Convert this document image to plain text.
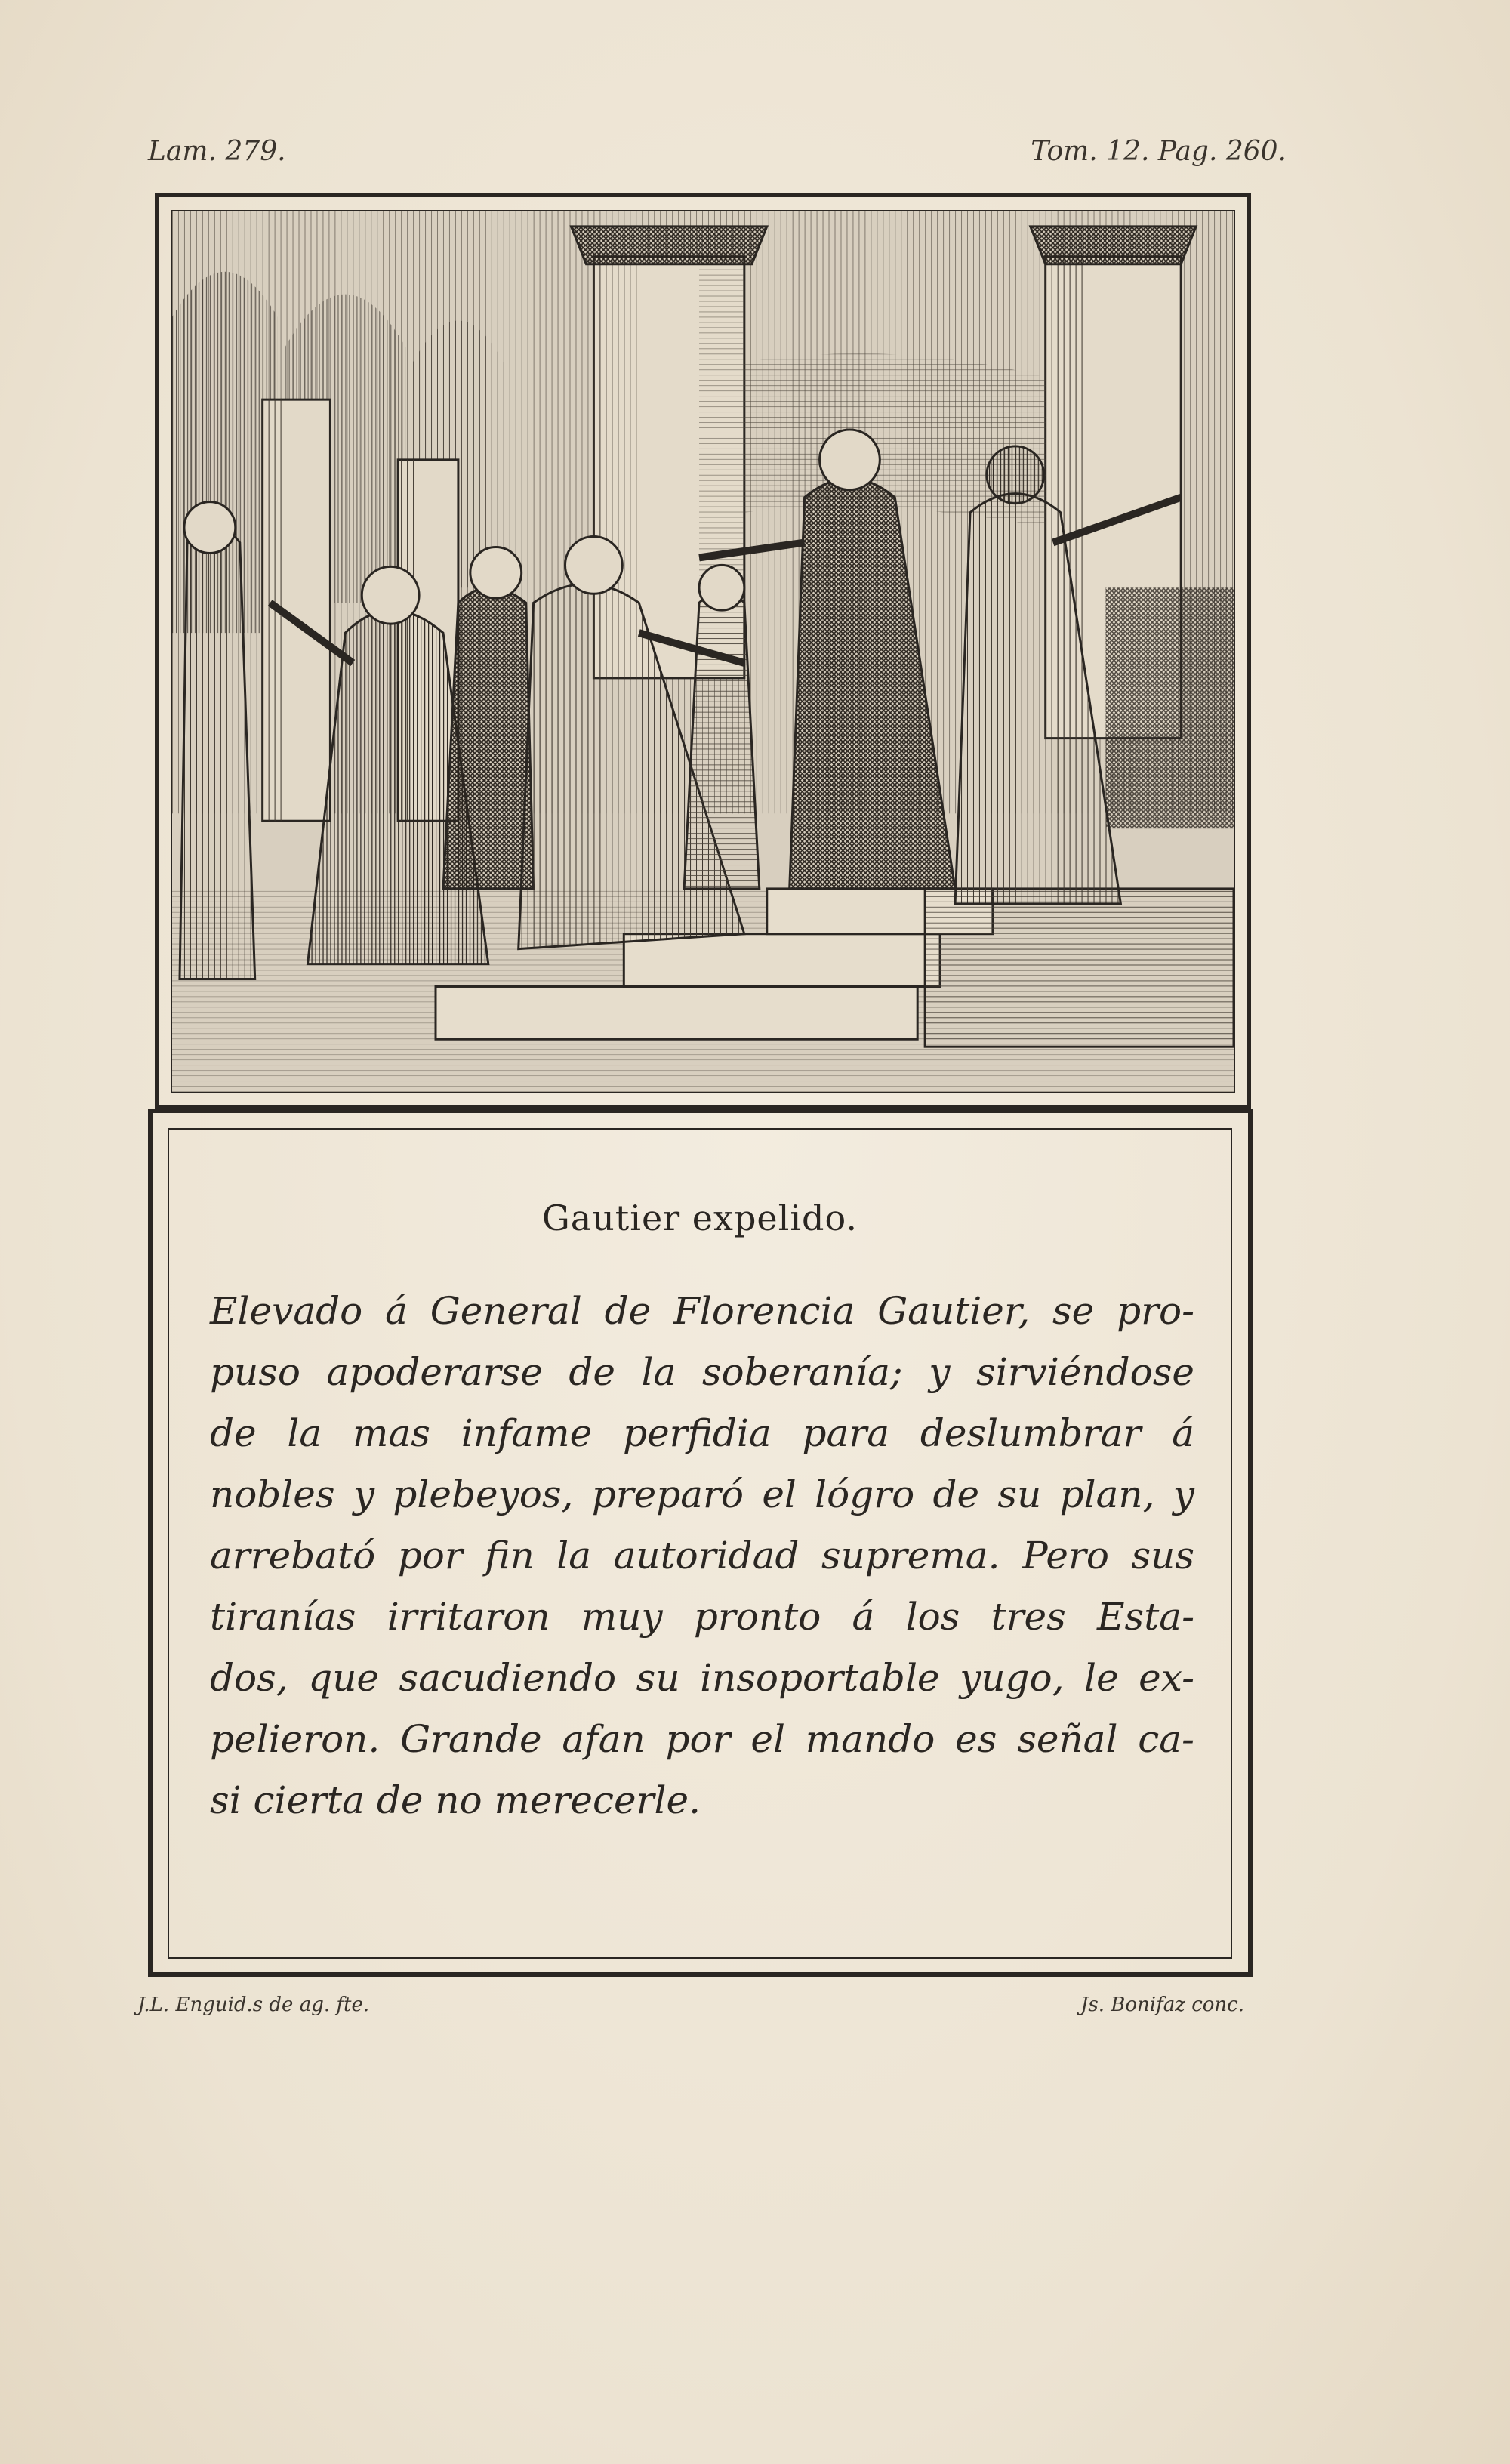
Lam. 279.	Tom. 12. Pag. 260.
Gautier expelido.
Elevado á General de Florencia Gautier, se pro-
puso apoderarse de la soberanía; y sirviéndose
de la mas infame perfidia para deslumbrar á
nobles y plebeyos, preparó el lógro de su plan, y
arrebató por fin la autoridad suprema. Pero sus
tiranías irritaron muy pronto á los tres Esta-
dos, que sacudiendo su insoportable yugo, le ex-
pelieron. Grande afan por el mando es señal ca-
si cierta de no merecerle.
J.L. Enguid.s de ag. fte.	Js. Bonifaz conc.
